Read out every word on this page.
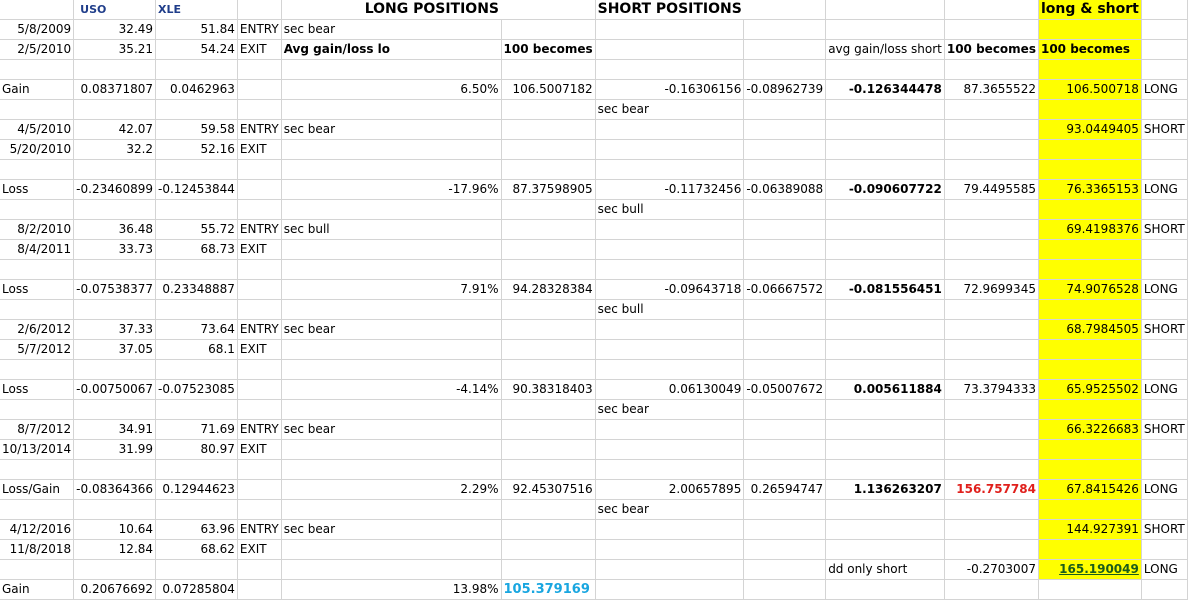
	USO	XLE		LONG POSITIONS		SHORT POSITIONS				long & short	
5/8/2009	32.49	51.84	ENTRY	sec bear							
2/5/2010	35.21	54.24	EXIT	Avg gain/loss lo	100 becomes			avg gain/loss short	100 becomes	100 becomes	

Gain	0.08371807	0.0462963		6.50%	106.5007182	-0.16306156	-0.08962739	-0.126344478	87.3655522	106.500718	LONG
						sec bear					
4/5/2010	42.07	59.58	ENTRY	sec bear						93.0449405	SHORT
5/20/2010	32.2	52.16	EXIT								

Loss	-0.23460899	-0.12453844		-17.96%	87.37598905	-0.11732456	-0.06389088	-0.090607722	79.4495585	76.3365153	LONG
						sec bull					
8/2/2010	36.48	55.72	ENTRY	sec bull						69.4198376	SHORT
8/4/2011	33.73	68.73	EXIT								

Loss	-0.07538377	0.23348887		7.91%	94.28328384	-0.09643718	-0.06667572	-0.081556451	72.9699345	74.9076528	LONG
						sec bull					
2/6/2012	37.33	73.64	ENTRY	sec bear						68.7984505	SHORT
5/7/2012	37.05	68.1	EXIT								

Loss	-0.00750067	-0.07523085		-4.14%	90.38318403	0.06130049	-0.05007672	0.005611884	73.3794333	65.9525502	LONG
						sec bear					
8/7/2012	34.91	71.69	ENTRY	sec bear						66.3226683	SHORT
10/13/2014	31.99	80.97	EXIT								

Loss/Gain	-0.08364366	0.12944623		2.29%	92.45307516	2.00657895	0.26594747	1.136263207	156.757784	67.8415426	LONG
						sec bear					
4/12/2016	10.64	63.96	ENTRY	sec bear						144.927391	SHORT
11/8/2018	12.84	68.62	EXIT								
								dd only short	-0.2703007	165.190049	LONG
Gain	0.20676692	0.07285804		13.98%	105.379169						
